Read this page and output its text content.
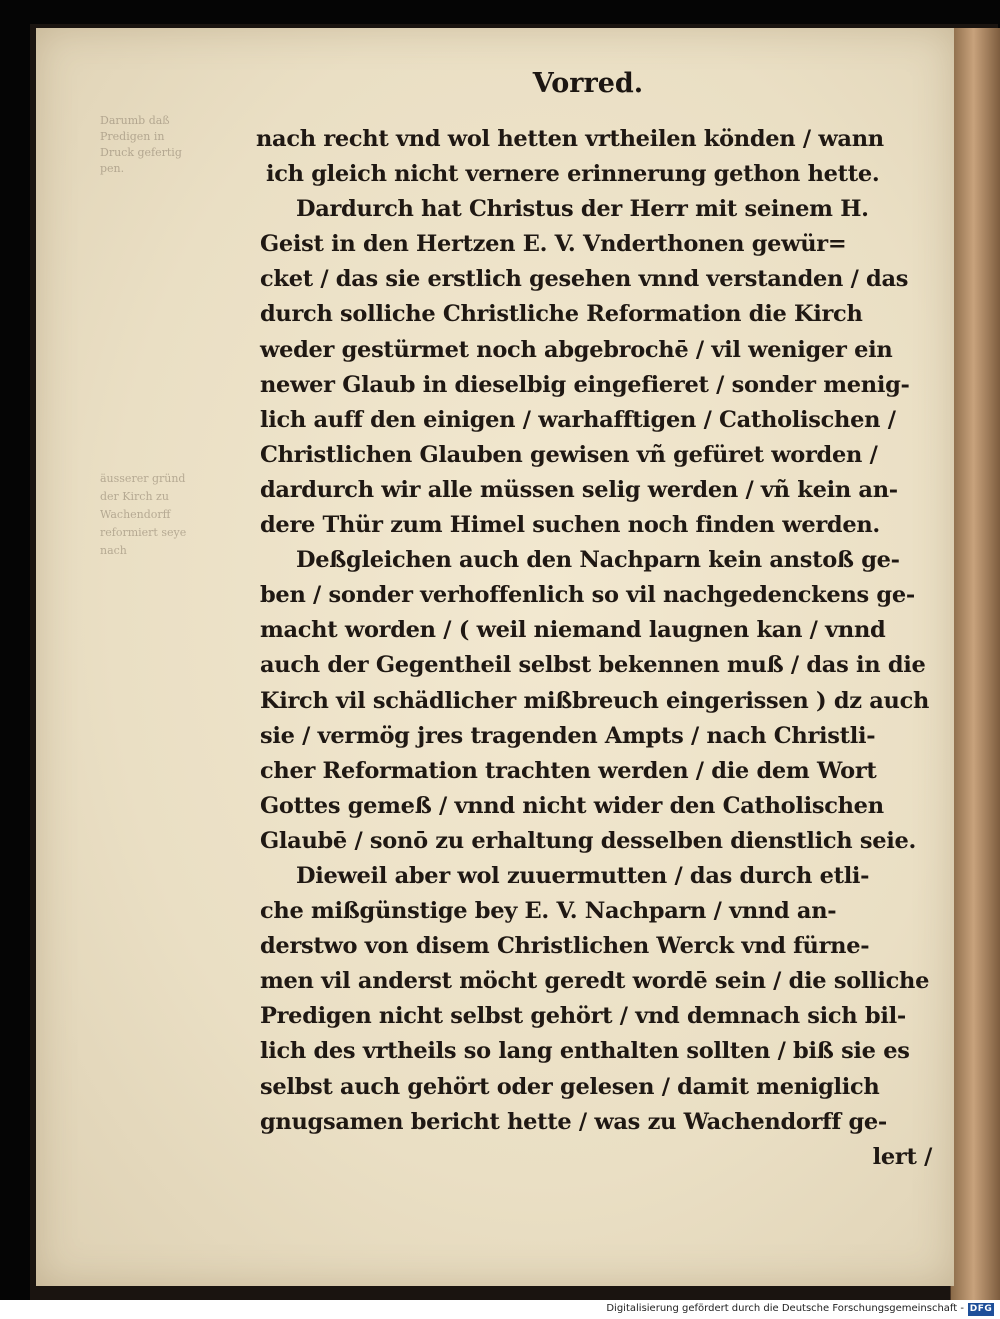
Darumb daß
Predigen in
Druck gefertig
pen.
äusserer gründ
der Kirch zu
Wachendorff
reformiert seye
nach
Vorred.
nach recht vnd wol hetten vrtheilen könden / wann
ich gleich nicht vernere erinnerung gethon hette.
Dardurch hat Christus der Herr mit seinem H.
Geist in den Hertzen E. V. Vnderthonen gewür=
cket / das sie erstlich gesehen vnnd verstanden / das
durch solliche Christliche Reformation die Kirch
weder gestürmet noch abgebrochē / vil weniger ein
newer Glaub in dieselbig eingefieret / sonder menig-
lich auff den einigen / warhafftigen / Catholischen /
Christlichen Glauben gewisen vñ gefüret worden /
dardurch wir alle müssen selig werden / vñ kein an-
dere Thür zum Himel suchen noch finden werden.
Deßgleichen auch den Nachparn kein anstoß ge-
ben / sonder verhoffenlich so vil nachgedenckens ge-
macht worden / ( weil niemand laugnen kan / vnnd
auch der Gegentheil selbst bekennen muß / das in die
Kirch vil schädlicher mißbreuch eingerissen ) dz auch
sie / vermög jres tragenden Ampts / nach Christli-
cher Reformation trachten werden / die dem Wort
Gottes gemeß / vnnd nicht wider den Catholischen
Glaubē / sonō zu erhaltung desselben dienstlich seie.
Dieweil aber wol zuuermutten / das durch etli-
che mißgünstige bey E. V. Nachparn / vnnd an-
derstwo von disem Christlichen Werck vnd fürne-
men vil anderst möcht geredt wordē sein / die solliche
Predigen nicht selbst gehört / vnd demnach sich bil-
lich des vrtheils so lang enthalten sollten / biß sie es
selbst auch gehört oder gelesen / damit meniglich
gnugsamen bericht hette / was zu Wachendorff ge-
lert /
Digitalisierung gefördert durch die Deutsche Forschungsgemeinschaft - DFG
